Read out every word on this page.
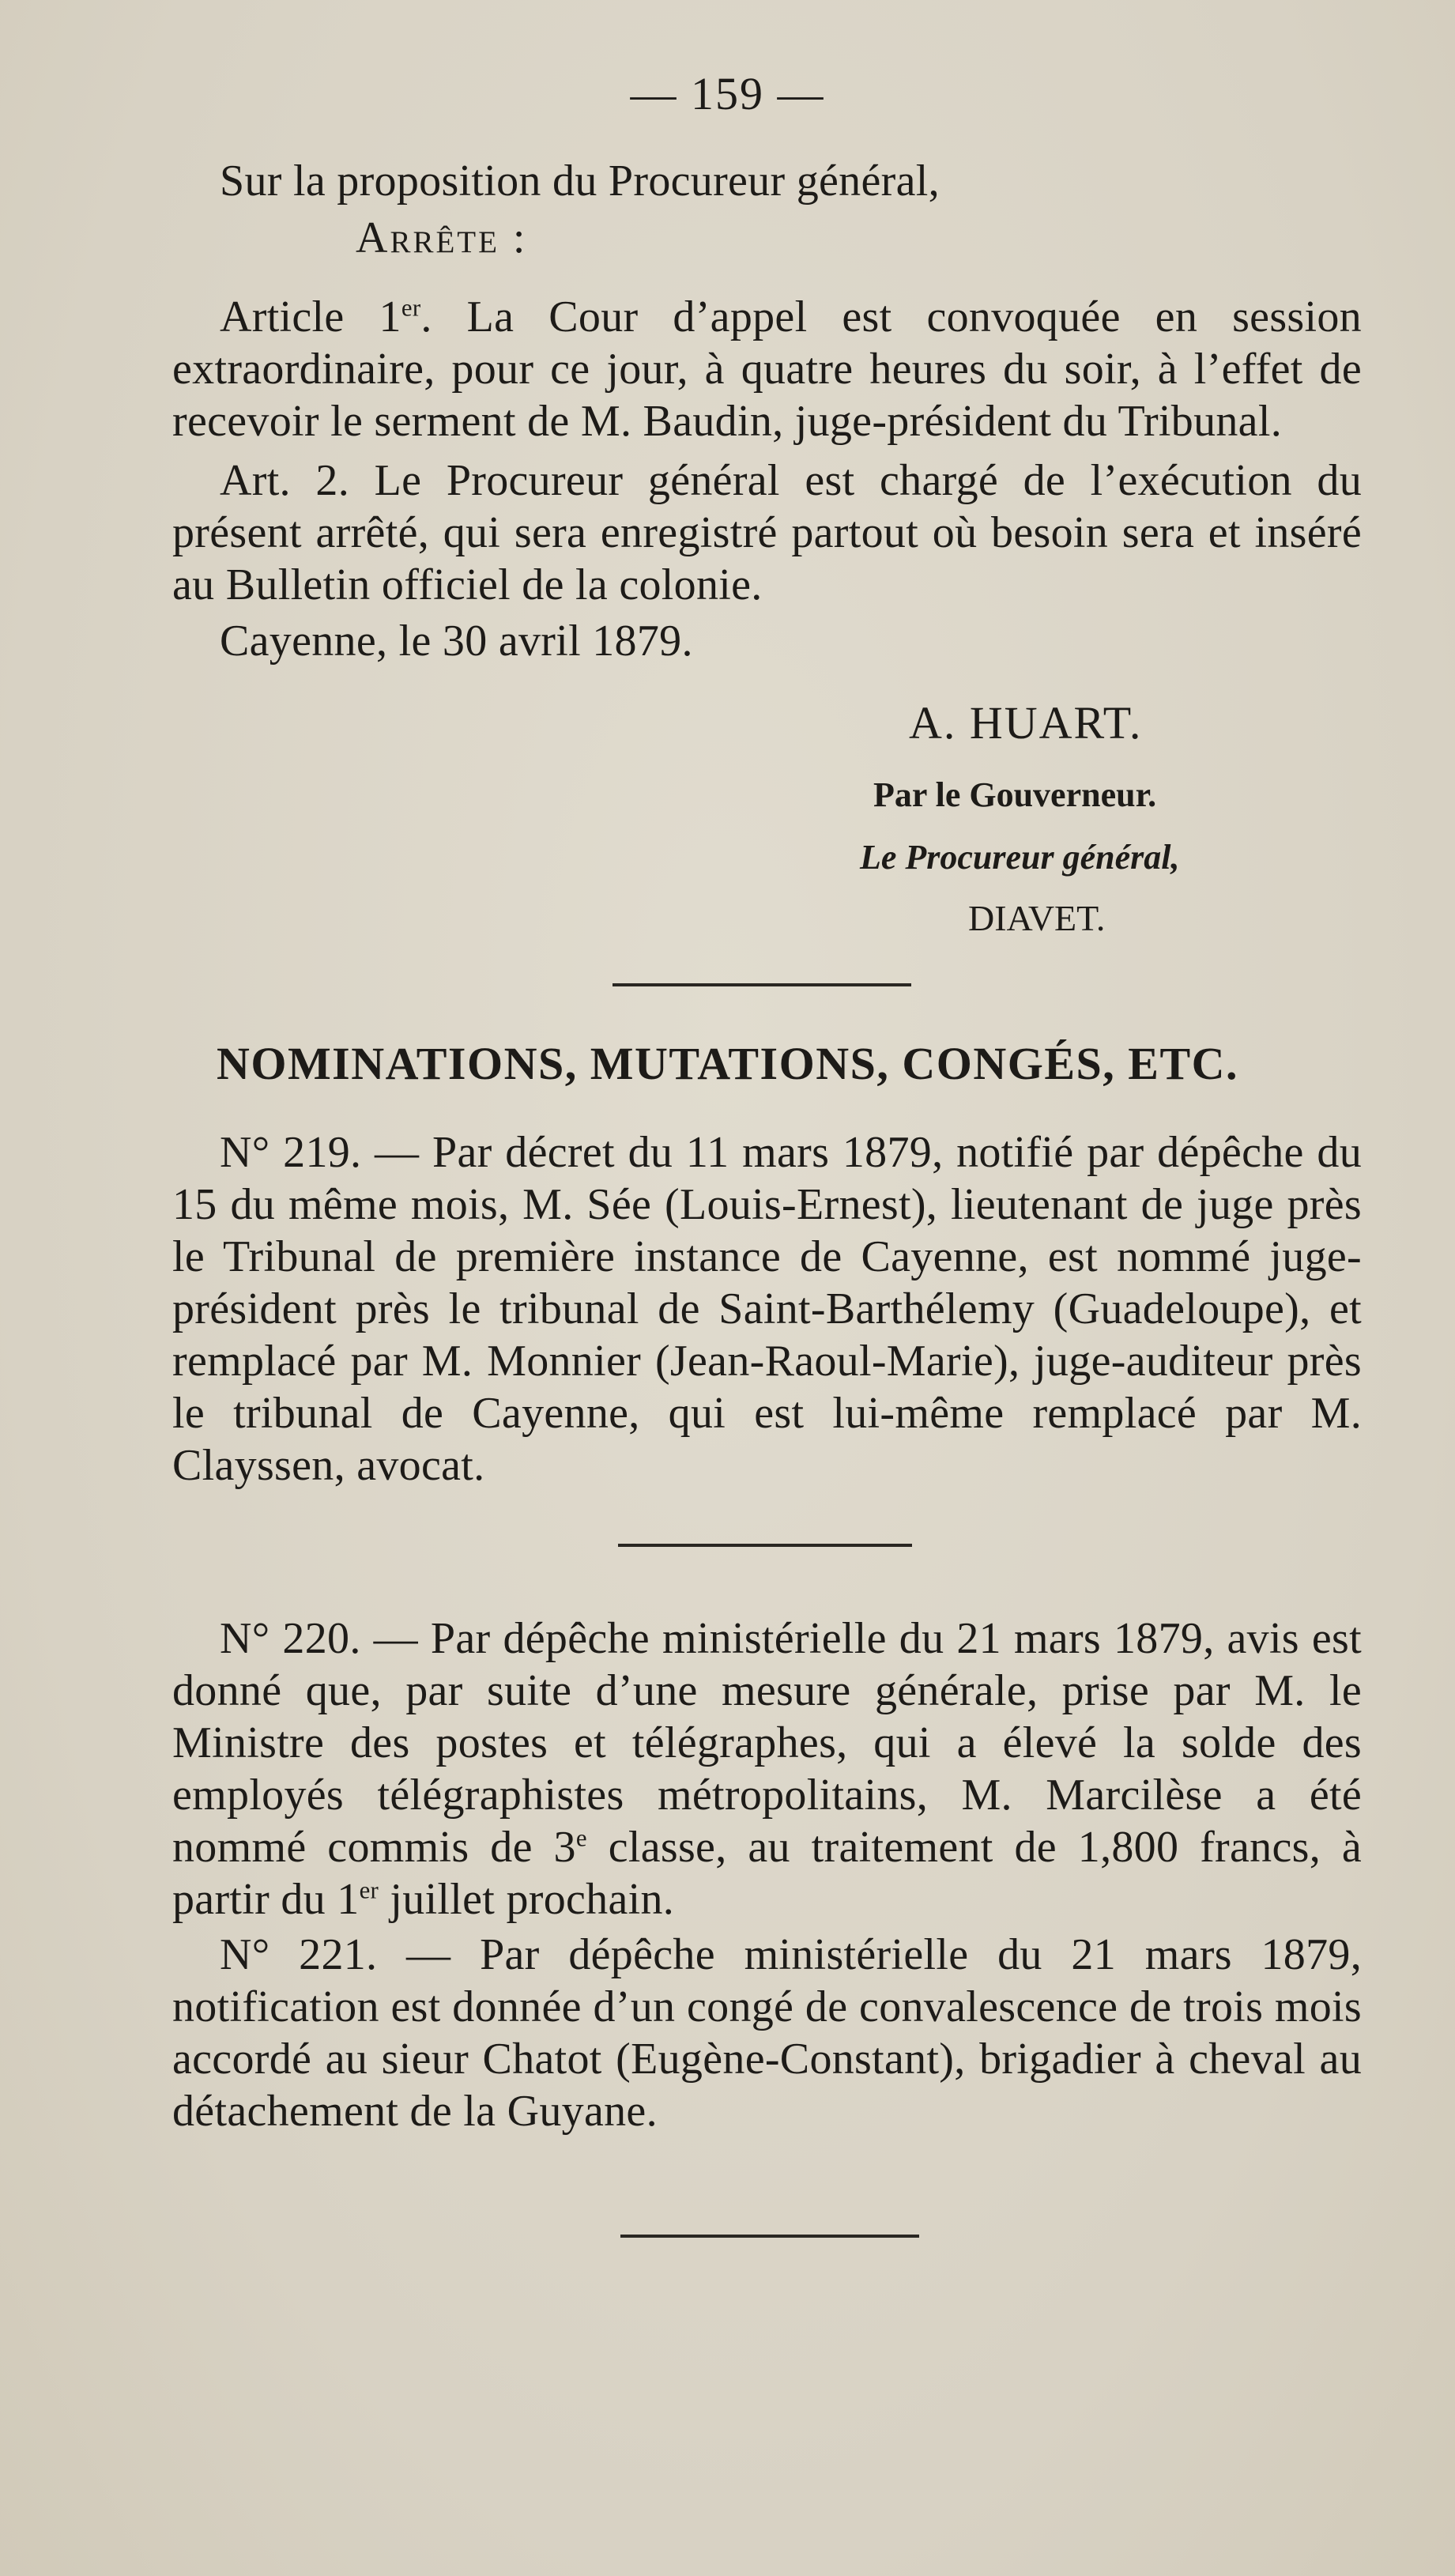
— 159 —
Sur la proposition du Procureur général,
Arrête :
Article 1er. La Cour d’appel est convoquée en session extraordinaire, pour ce jour, à quatre heures du soir, à l’effet de recevoir le serment de M. Baudin, juge-président du Tribunal.
Art. 2. Le Procureur général est chargé de l’exécution du présent arrêté, qui sera enregistré partout où besoin sera et inséré au Bulletin officiel de la colonie.
Cayenne, le 30 avril 1879.
A. HUART.
Par le Gouverneur.
Le Procureur général,
DIAVET.
NOMINATIONS, MUTATIONS, CONGÉS, ETC.
N° 219. — Par décret du 11 mars 1879, notifié par dépêche du 15 du même mois, M. Sée (Louis-Ernest), lieutenant de juge près le Tribunal de première instance de Cayenne, est nommé juge-président près le tribunal de Saint-Barthélemy (Guadeloupe), et remplacé par M. Monnier (Jean-Raoul-Marie), juge-auditeur près le tribunal de Cayenne, qui est lui-même remplacé par M. Clayssen, avocat.
N° 220. — Par dépêche ministérielle du 21 mars 1879, avis est donné que, par suite d’une mesure générale, prise par M. le Ministre des postes et télégraphes, qui a élevé la solde des employés télégraphistes métropolitains, M. Marcilèse a été nommé commis de 3e classe, au traitement de 1,800 francs, à partir du 1er juillet prochain.
N° 221. — Par dépêche ministérielle du 21 mars 1879, notification est donnée d’un congé de convalescence de trois mois accordé au sieur Chatot (Eugène-Constant), brigadier à cheval au détachement de la Guyane.
